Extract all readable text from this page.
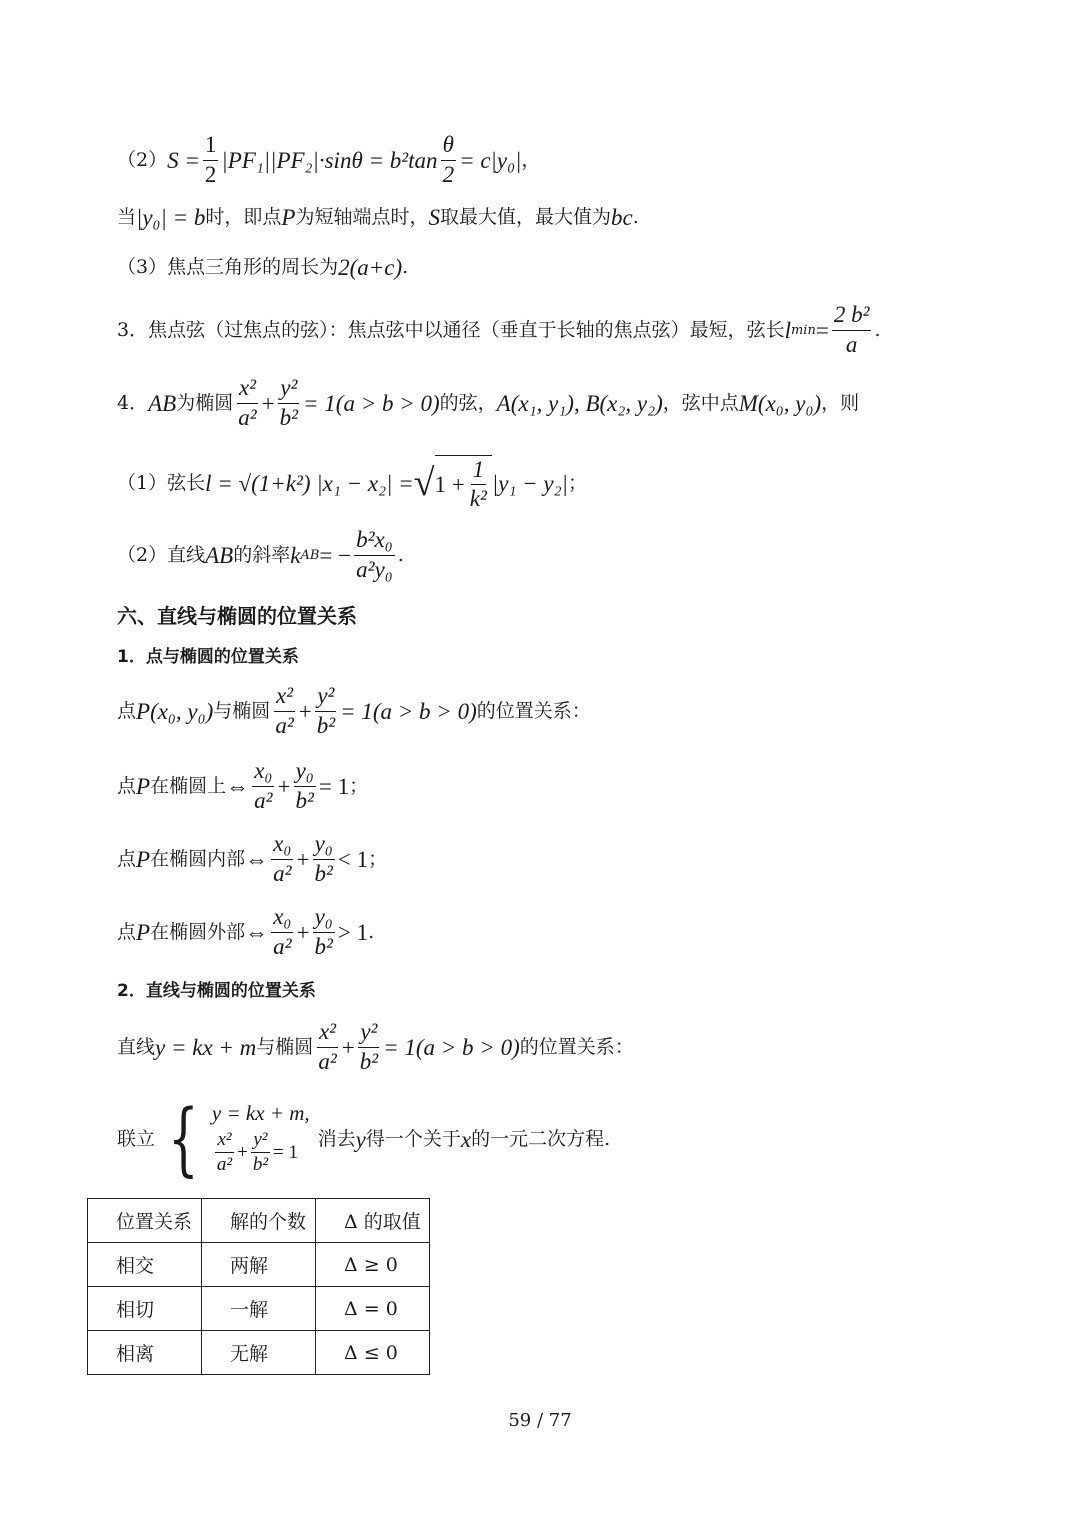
（2） $S = \frac{1}{2} |PF_1||PF_2|\cdot\sin\theta = b^2\tan \frac{\theta}{2} = c|y_0|$ ，
当 |y₀| = b 时，即点 P 为短轴端点时， S 取最大值，最大值为 bc .
（3）焦点三角形的周长为 2(a+c) .
3．焦点弦（过焦点的弦）：焦点弦中以通径（垂直于长轴的焦点弦）最短，弦长 l $\min = \frac{\text{2 b²}}{a}$ .
4． AB 为椭圆 $\frac{\text{x²}}{\text{a²}} + \frac{\text{y²}}{\text{b²}} = 1(a > b > 0)$ 的弦， A(x₁, y₁), B(x₂, y₂) ，弦中点 M(x₀, y₀) ，则
（1）弦长 l = √(1+k²) |x₁ − x₂| = √ $1 + \frac{1}{\text{k²}} |y_1 - y_2|$ ；
（2）直线 AB 的斜率 k AB = − $\frac{\text{b²x₀}}{\text{a²y₀}}$ .
六、直线与椭圆的位置关系
1．点与椭圆的位置关系
点 P(x₀, y₀) 与椭圆 $\frac{\text{x²}}{\text{a²}} + \frac{\text{y²}}{\text{b²}} = 1(a > b > 0)$ 的位置关系：
点 P 在椭圆上 ⇔ $\frac{\text{x₀}}{\text{a²}} + \frac{\text{y₀}}{\text{b²}} = 1$ ；
点 P 在椭圆内部 ⇔ $\frac{\text{x₀}}{\text{a²}} + \frac{\text{y₀}}{\text{b²}} < 1$ ；
点 P 在椭圆外部 ⇔ $\frac{\text{x₀}}{\text{a²}} + \frac{\text{y₀}}{\text{b²}} > 1$ .
2．直线与椭圆的位置关系
直线 y = kx + m 与椭圆 $\frac{\text{x²}}{\text{a²}} + \frac{\text{y²}}{\text{b²}} = 1(a > b > 0)$ 的位置关系：
联立 { y = kx + m,
$\frac{\text{x²}}{\text{a²}} + \frac{\text{y²}}{\text{b²}} = 1$
消去 y 得一个关于 x 的一元二次方程.
位置关系	解的个数	Δ 的取值
相交	两解	Δ ≥ 0
相切	一解	Δ = 0
相离	无解	Δ ≤ 0
59 / 77
